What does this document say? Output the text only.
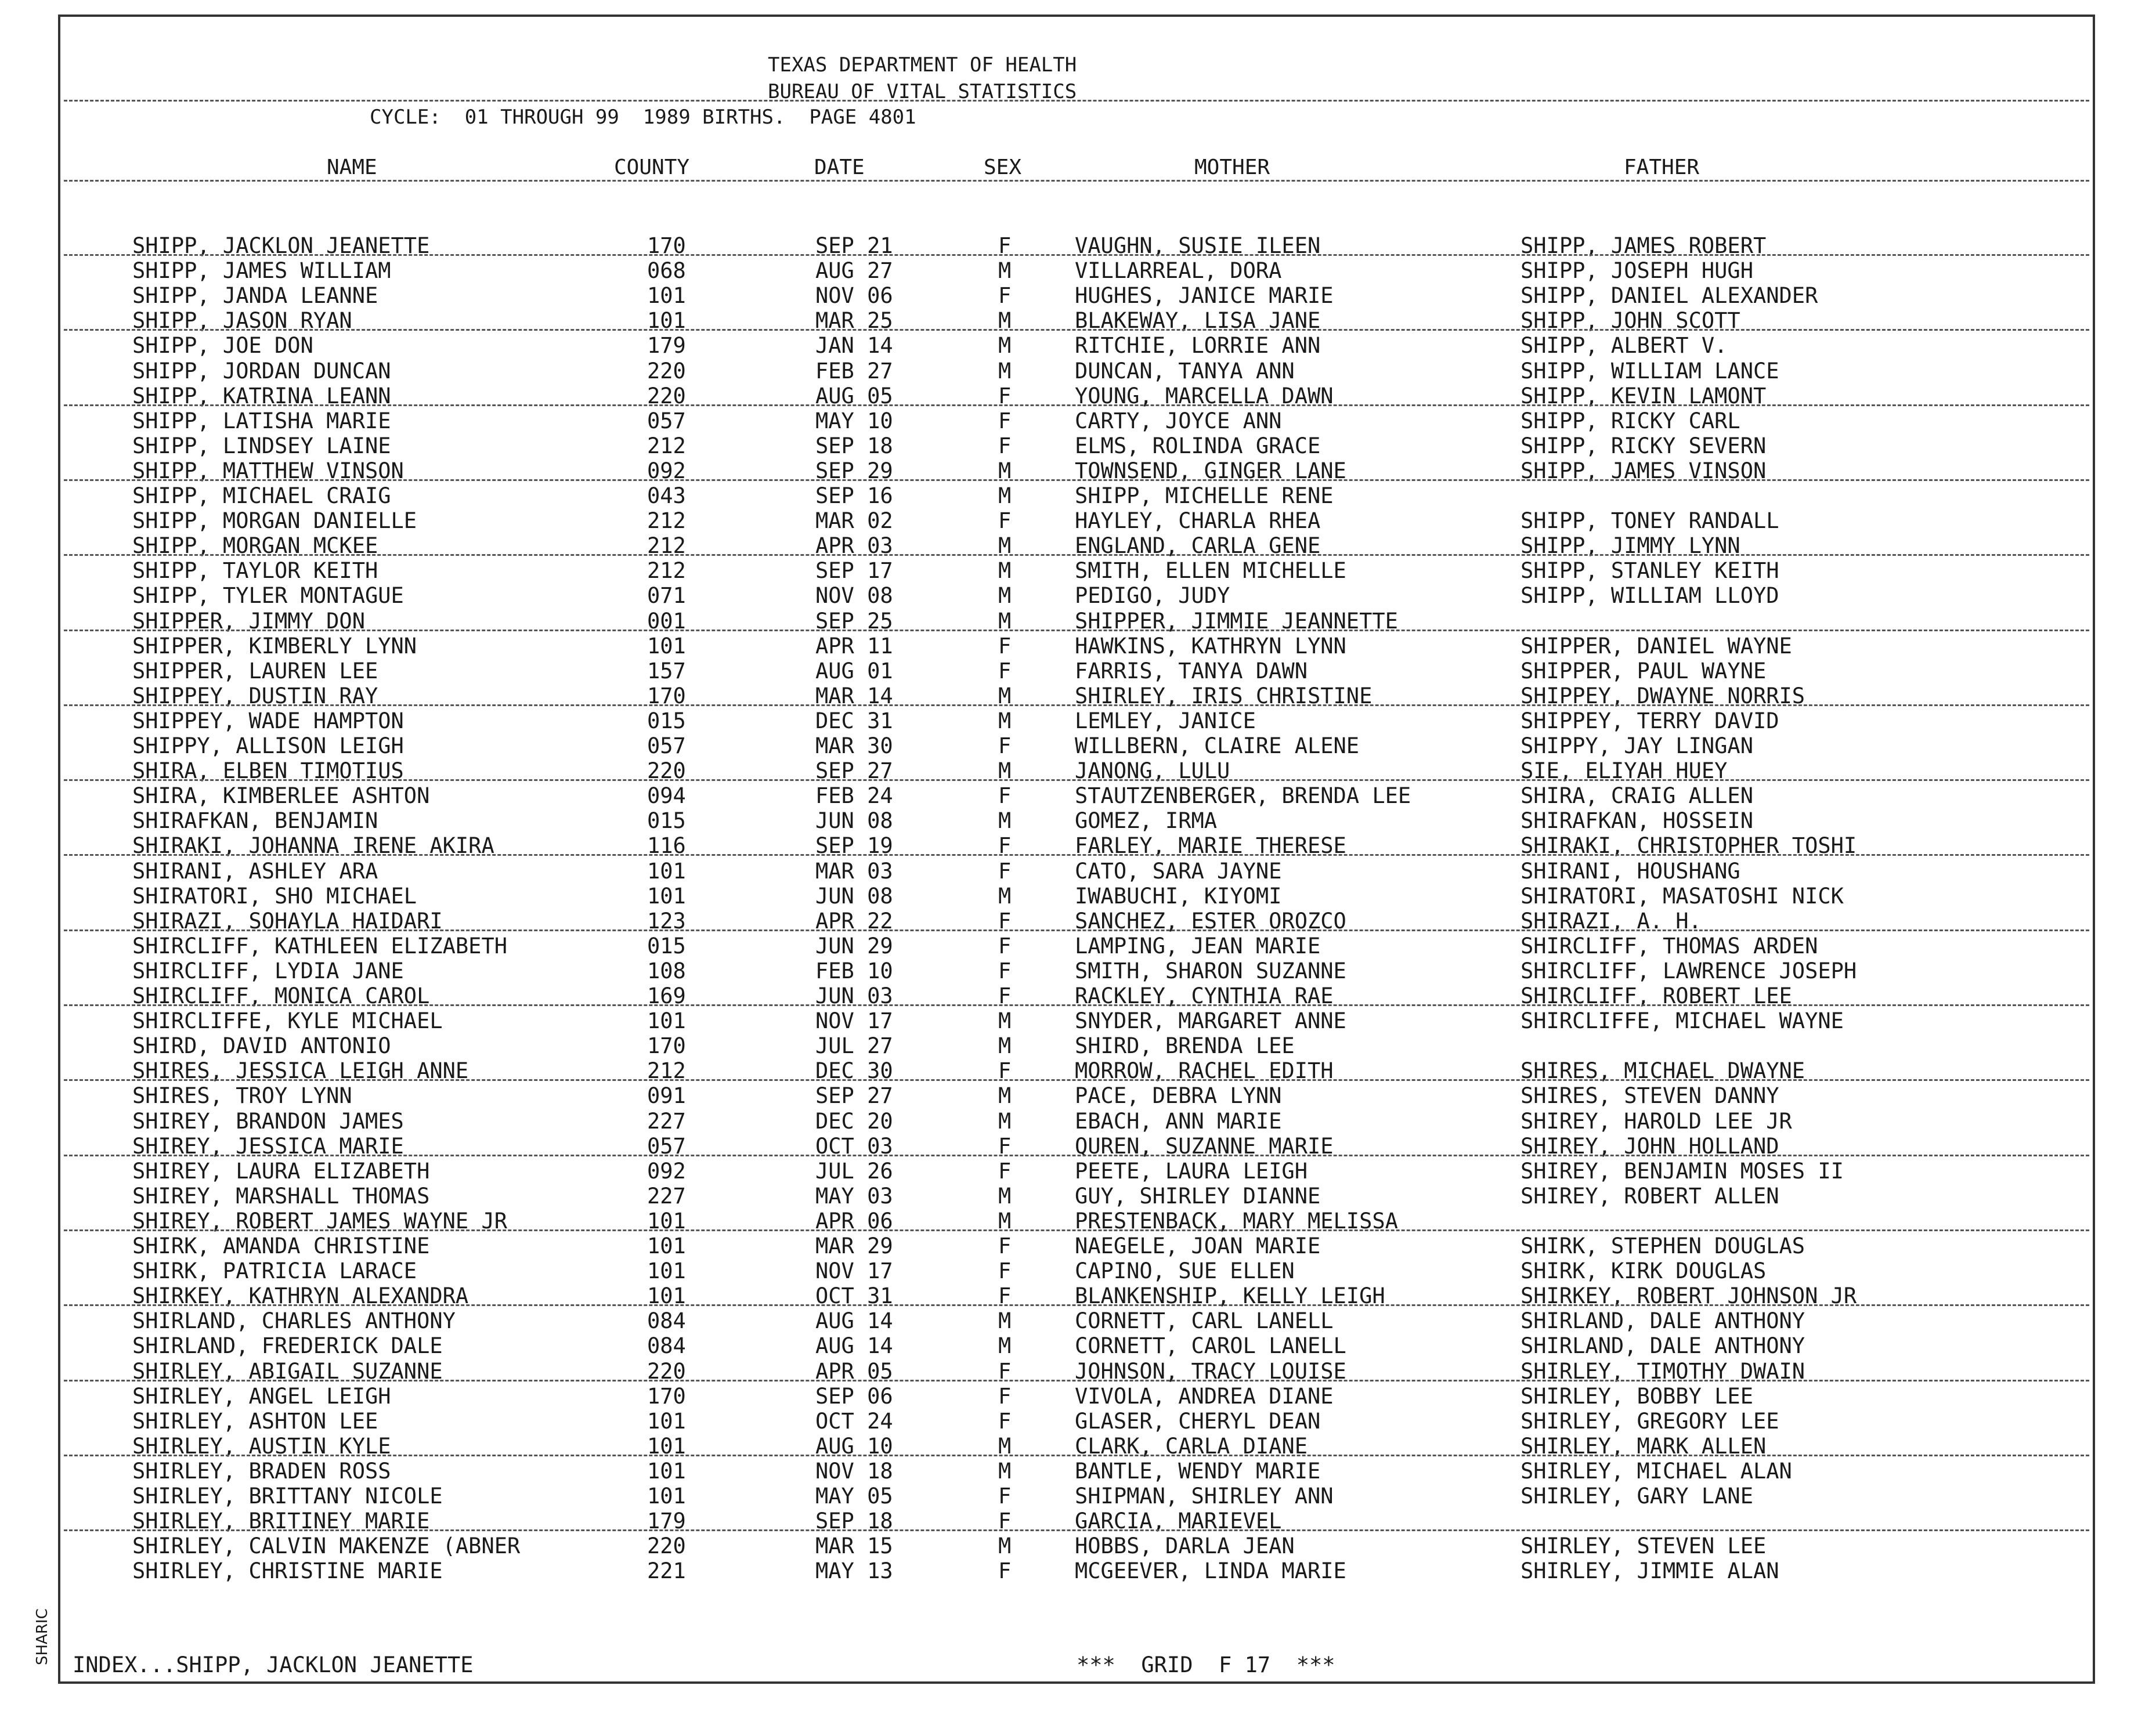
TEXAS DEPARTMENT OF HEALTH
BUREAU OF VITAL STATISTICS
CYCLE:  01 THROUGH 99  1989 BIRTHS.  PAGE 4801
NAME	COUNTY	DATE	SEX	MOTHER	FATHER
SHIPP, JACKLON JEANETTE	170	SEP 21	F	VAUGHN, SUSIE ILEEN	SHIPP, JAMES ROBERT
SHIPP, JAMES WILLIAM	068	AUG 27	M	VILLARREAL, DORA	SHIPP, JOSEPH HUGH
SHIPP, JANDA LEANNE	101	NOV 06	F	HUGHES, JANICE MARIE	SHIPP, DANIEL ALEXANDER
SHIPP, JASON RYAN	101	MAR 25	M	BLAKEWAY, LISA JANE	SHIPP, JOHN SCOTT
SHIPP, JOE DON	179	JAN 14	M	RITCHIE, LORRIE ANN	SHIPP, ALBERT V.
SHIPP, JORDAN DUNCAN	220	FEB 27	M	DUNCAN, TANYA ANN	SHIPP, WILLIAM LANCE
SHIPP, KATRINA LEANN	220	AUG 05	F	YOUNG, MARCELLA DAWN	SHIPP, KEVIN LAMONT
SHIPP, LATISHA MARIE	057	MAY 10	F	CARTY, JOYCE ANN	SHIPP, RICKY CARL
SHIPP, LINDSEY LAINE	212	SEP 18	F	ELMS, ROLINDA GRACE	SHIPP, RICKY SEVERN
SHIPP, MATTHEW VINSON	092	SEP 29	M	TOWNSEND, GINGER LANE	SHIPP, JAMES VINSON
SHIPP, MICHAEL CRAIG	043	SEP 16	M	SHIPP, MICHELLE RENE
SHIPP, MORGAN DANIELLE	212	MAR 02	F	HAYLEY, CHARLA RHEA	SHIPP, TONEY RANDALL
SHIPP, MORGAN MCKEE	212	APR 03	M	ENGLAND, CARLA GENE	SHIPP, JIMMY LYNN
SHIPP, TAYLOR KEITH	212	SEP 17	M	SMITH, ELLEN MICHELLE	SHIPP, STANLEY KEITH
SHIPP, TYLER MONTAGUE	071	NOV 08	M	PEDIGO, JUDY	SHIPP, WILLIAM LLOYD
SHIPPER, JIMMY DON	001	SEP 25	M	SHIPPER, JIMMIE JEANNETTE
SHIPPER, KIMBERLY LYNN	101	APR 11	F	HAWKINS, KATHRYN LYNN	SHIPPER, DANIEL WAYNE
SHIPPER, LAUREN LEE	157	AUG 01	F	FARRIS, TANYA DAWN	SHIPPER, PAUL WAYNE
SHIPPEY, DUSTIN RAY	170	MAR 14	M	SHIRLEY, IRIS CHRISTINE	SHIPPEY, DWAYNE NORRIS
SHIPPEY, WADE HAMPTON	015	DEC 31	M	LEMLEY, JANICE	SHIPPEY, TERRY DAVID
SHIPPY, ALLISON LEIGH	057	MAR 30	F	WILLBERN, CLAIRE ALENE	SHIPPY, JAY LINGAN
SHIRA, ELBEN TIMOTIUS	220	SEP 27	M	JANONG, LULU	SIE, ELIYAH HUEY
SHIRA, KIMBERLEE ASHTON	094	FEB 24	F	STAUTZENBERGER, BRENDA LEE	SHIRA, CRAIG ALLEN
SHIRAFKAN, BENJAMIN	015	JUN 08	M	GOMEZ, IRMA	SHIRAFKAN, HOSSEIN
SHIRAKI, JOHANNA IRENE AKIRA	116	SEP 19	F	FARLEY, MARIE THERESE	SHIRAKI, CHRISTOPHER TOSHI
SHIRANI, ASHLEY ARA	101	MAR 03	F	CATO, SARA JAYNE	SHIRANI, HOUSHANG
SHIRATORI, SHO MICHAEL	101	JUN 08	M	IWABUCHI, KIYOMI	SHIRATORI, MASATOSHI NICK
SHIRAZI, SOHAYLA HAIDARI	123	APR 22	F	SANCHEZ, ESTER OROZCO	SHIRAZI, A. H.
SHIRCLIFF, KATHLEEN ELIZABETH	015	JUN 29	F	LAMPING, JEAN MARIE	SHIRCLIFF, THOMAS ARDEN
SHIRCLIFF, LYDIA JANE	108	FEB 10	F	SMITH, SHARON SUZANNE	SHIRCLIFF, LAWRENCE JOSEPH
SHIRCLIFF, MONICA CAROL	169	JUN 03	F	RACKLEY, CYNTHIA RAE	SHIRCLIFF, ROBERT LEE
SHIRCLIFFE, KYLE MICHAEL	101	NOV 17	M	SNYDER, MARGARET ANNE	SHIRCLIFFE, MICHAEL WAYNE
SHIRD, DAVID ANTONIO	170	JUL 27	M	SHIRD, BRENDA LEE
SHIRES, JESSICA LEIGH ANNE	212	DEC 30	F	MORROW, RACHEL EDITH	SHIRES, MICHAEL DWAYNE
SHIRES, TROY LYNN	091	SEP 27	M	PACE, DEBRA LYNN	SHIRES, STEVEN DANNY
SHIREY, BRANDON JAMES	227	DEC 20	M	EBACH, ANN MARIE	SHIREY, HAROLD LEE JR
SHIREY, JESSICA MARIE	057	OCT 03	F	QUREN, SUZANNE MARIE	SHIREY, JOHN HOLLAND
SHIREY, LAURA ELIZABETH	092	JUL 26	F	PEETE, LAURA LEIGH	SHIREY, BENJAMIN MOSES II
SHIREY, MARSHALL THOMAS	227	MAY 03	M	GUY, SHIRLEY DIANNE	SHIREY, ROBERT ALLEN
SHIREY, ROBERT JAMES WAYNE JR	101	APR 06	M	PRESTENBACK, MARY MELISSA
SHIRK, AMANDA CHRISTINE	101	MAR 29	F	NAEGELE, JOAN MARIE	SHIRK, STEPHEN DOUGLAS
SHIRK, PATRICIA LARACE	101	NOV 17	F	CAPINO, SUE ELLEN	SHIRK, KIRK DOUGLAS
SHIRKEY, KATHRYN ALEXANDRA	101	OCT 31	F	BLANKENSHIP, KELLY LEIGH	SHIRKEY, ROBERT JOHNSON JR
SHIRLAND, CHARLES ANTHONY	084	AUG 14	M	CORNETT, CARL LANELL	SHIRLAND, DALE ANTHONY
SHIRLAND, FREDERICK DALE	084	AUG 14	M	CORNETT, CAROL LANELL	SHIRLAND, DALE ANTHONY
SHIRLEY, ABIGAIL SUZANNE	220	APR 05	F	JOHNSON, TRACY LOUISE	SHIRLEY, TIMOTHY DWAIN
SHIRLEY, ANGEL LEIGH	170	SEP 06	F	VIVOLA, ANDREA DIANE	SHIRLEY, BOBBY LEE
SHIRLEY, ASHTON LEE	101	OCT 24	F	GLASER, CHERYL DEAN	SHIRLEY, GREGORY LEE
SHIRLEY, AUSTIN KYLE	101	AUG 10	M	CLARK, CARLA DIANE	SHIRLEY, MARK ALLEN
SHIRLEY, BRADEN ROSS	101	NOV 18	M	BANTLE, WENDY MARIE	SHIRLEY, MICHAEL ALAN
SHIRLEY, BRITTANY NICOLE	101	MAY 05	F	SHIPMAN, SHIRLEY ANN	SHIRLEY, GARY LANE
SHIRLEY, BRITINEY MARIE	179	SEP 18	F	GARCIA, MARIEVEL
SHIRLEY, CALVIN MAKENZE (ABNER	220	MAR 15	M	HOBBS, DARLA JEAN	SHIRLEY, STEVEN LEE
SHIRLEY, CHRISTINE MARIE	221	MAY 13	F	MCGEEVER, LINDA MARIE	SHIRLEY, JIMMIE ALAN
INDEX...SHIPP, JACKLON JEANETTE	***  GRID  F 17  ***
SHARIC
